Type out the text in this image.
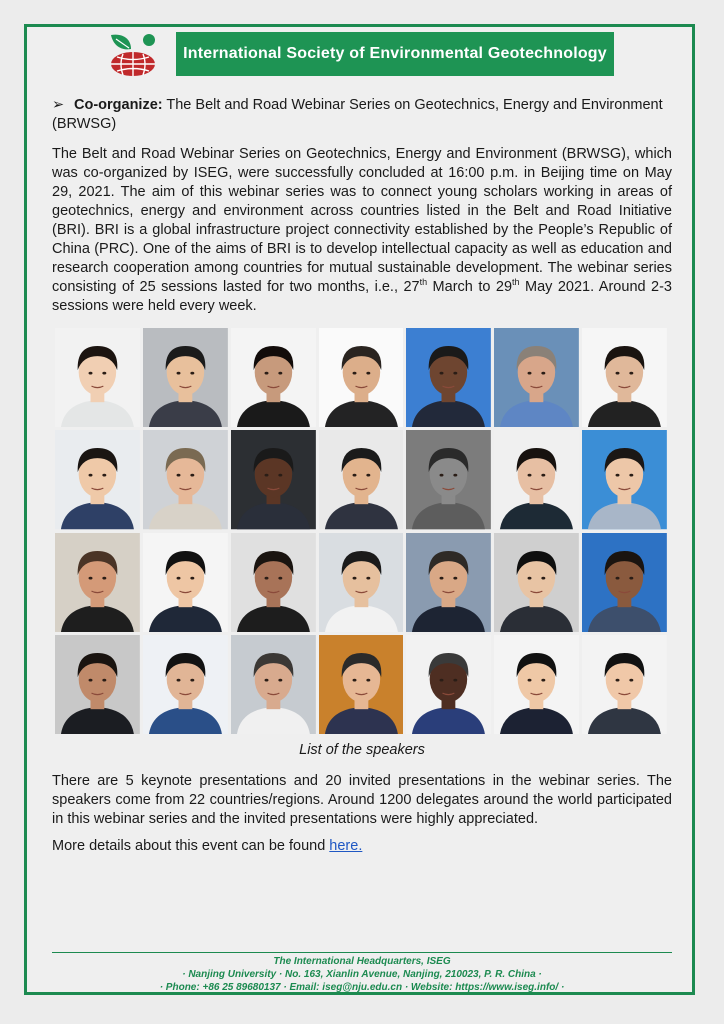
International Society of Environmental Geotechnology
➢ Co-organize: The Belt and Road Webinar Series on Geotechnics, Energy and Environment (BRWSG)

The Belt and Road Webinar Series on Geotechnics, Energy and Environment (BRWSG), which was co-organized by ISEG, were successfully concluded at 16:00 p.m. in Beijing time on May 29, 2021. The aim of this webinar series was to connect young scholars working in areas of geotechnics, energy and environment across countries listed in the Belt and Road Initiative (BRI). BRI is a global infrastructure project connectivity established by the People’s Republic of China (PRC). One of the aims of BRI is to develop intellectual capacity as well as education and research cooperation among countries for mutual sustainable development. The webinar series consisting of 25 sessions lasted for two months, i.e., 27th March to 29th May 2021. Around 2-3 sessions were held every week.

List of the speakers
There are 5 keynote presentations and 20 invited presentations in the webinar series. The speakers come from 22 countries/regions. Around 1200 delegates around the world participated in this webinar series and the invited presentations were highly appreciated.
More details about this event can be found here.
The International Headquarters, ISEG
· Nanjing University · No. 163, Xianlin Avenue, Nanjing, 210023, P. R. China ·
· Phone: +86 25 89680137 · Email: iseg@nju.edu.cn · Website: https://www.iseg.info/ ·
